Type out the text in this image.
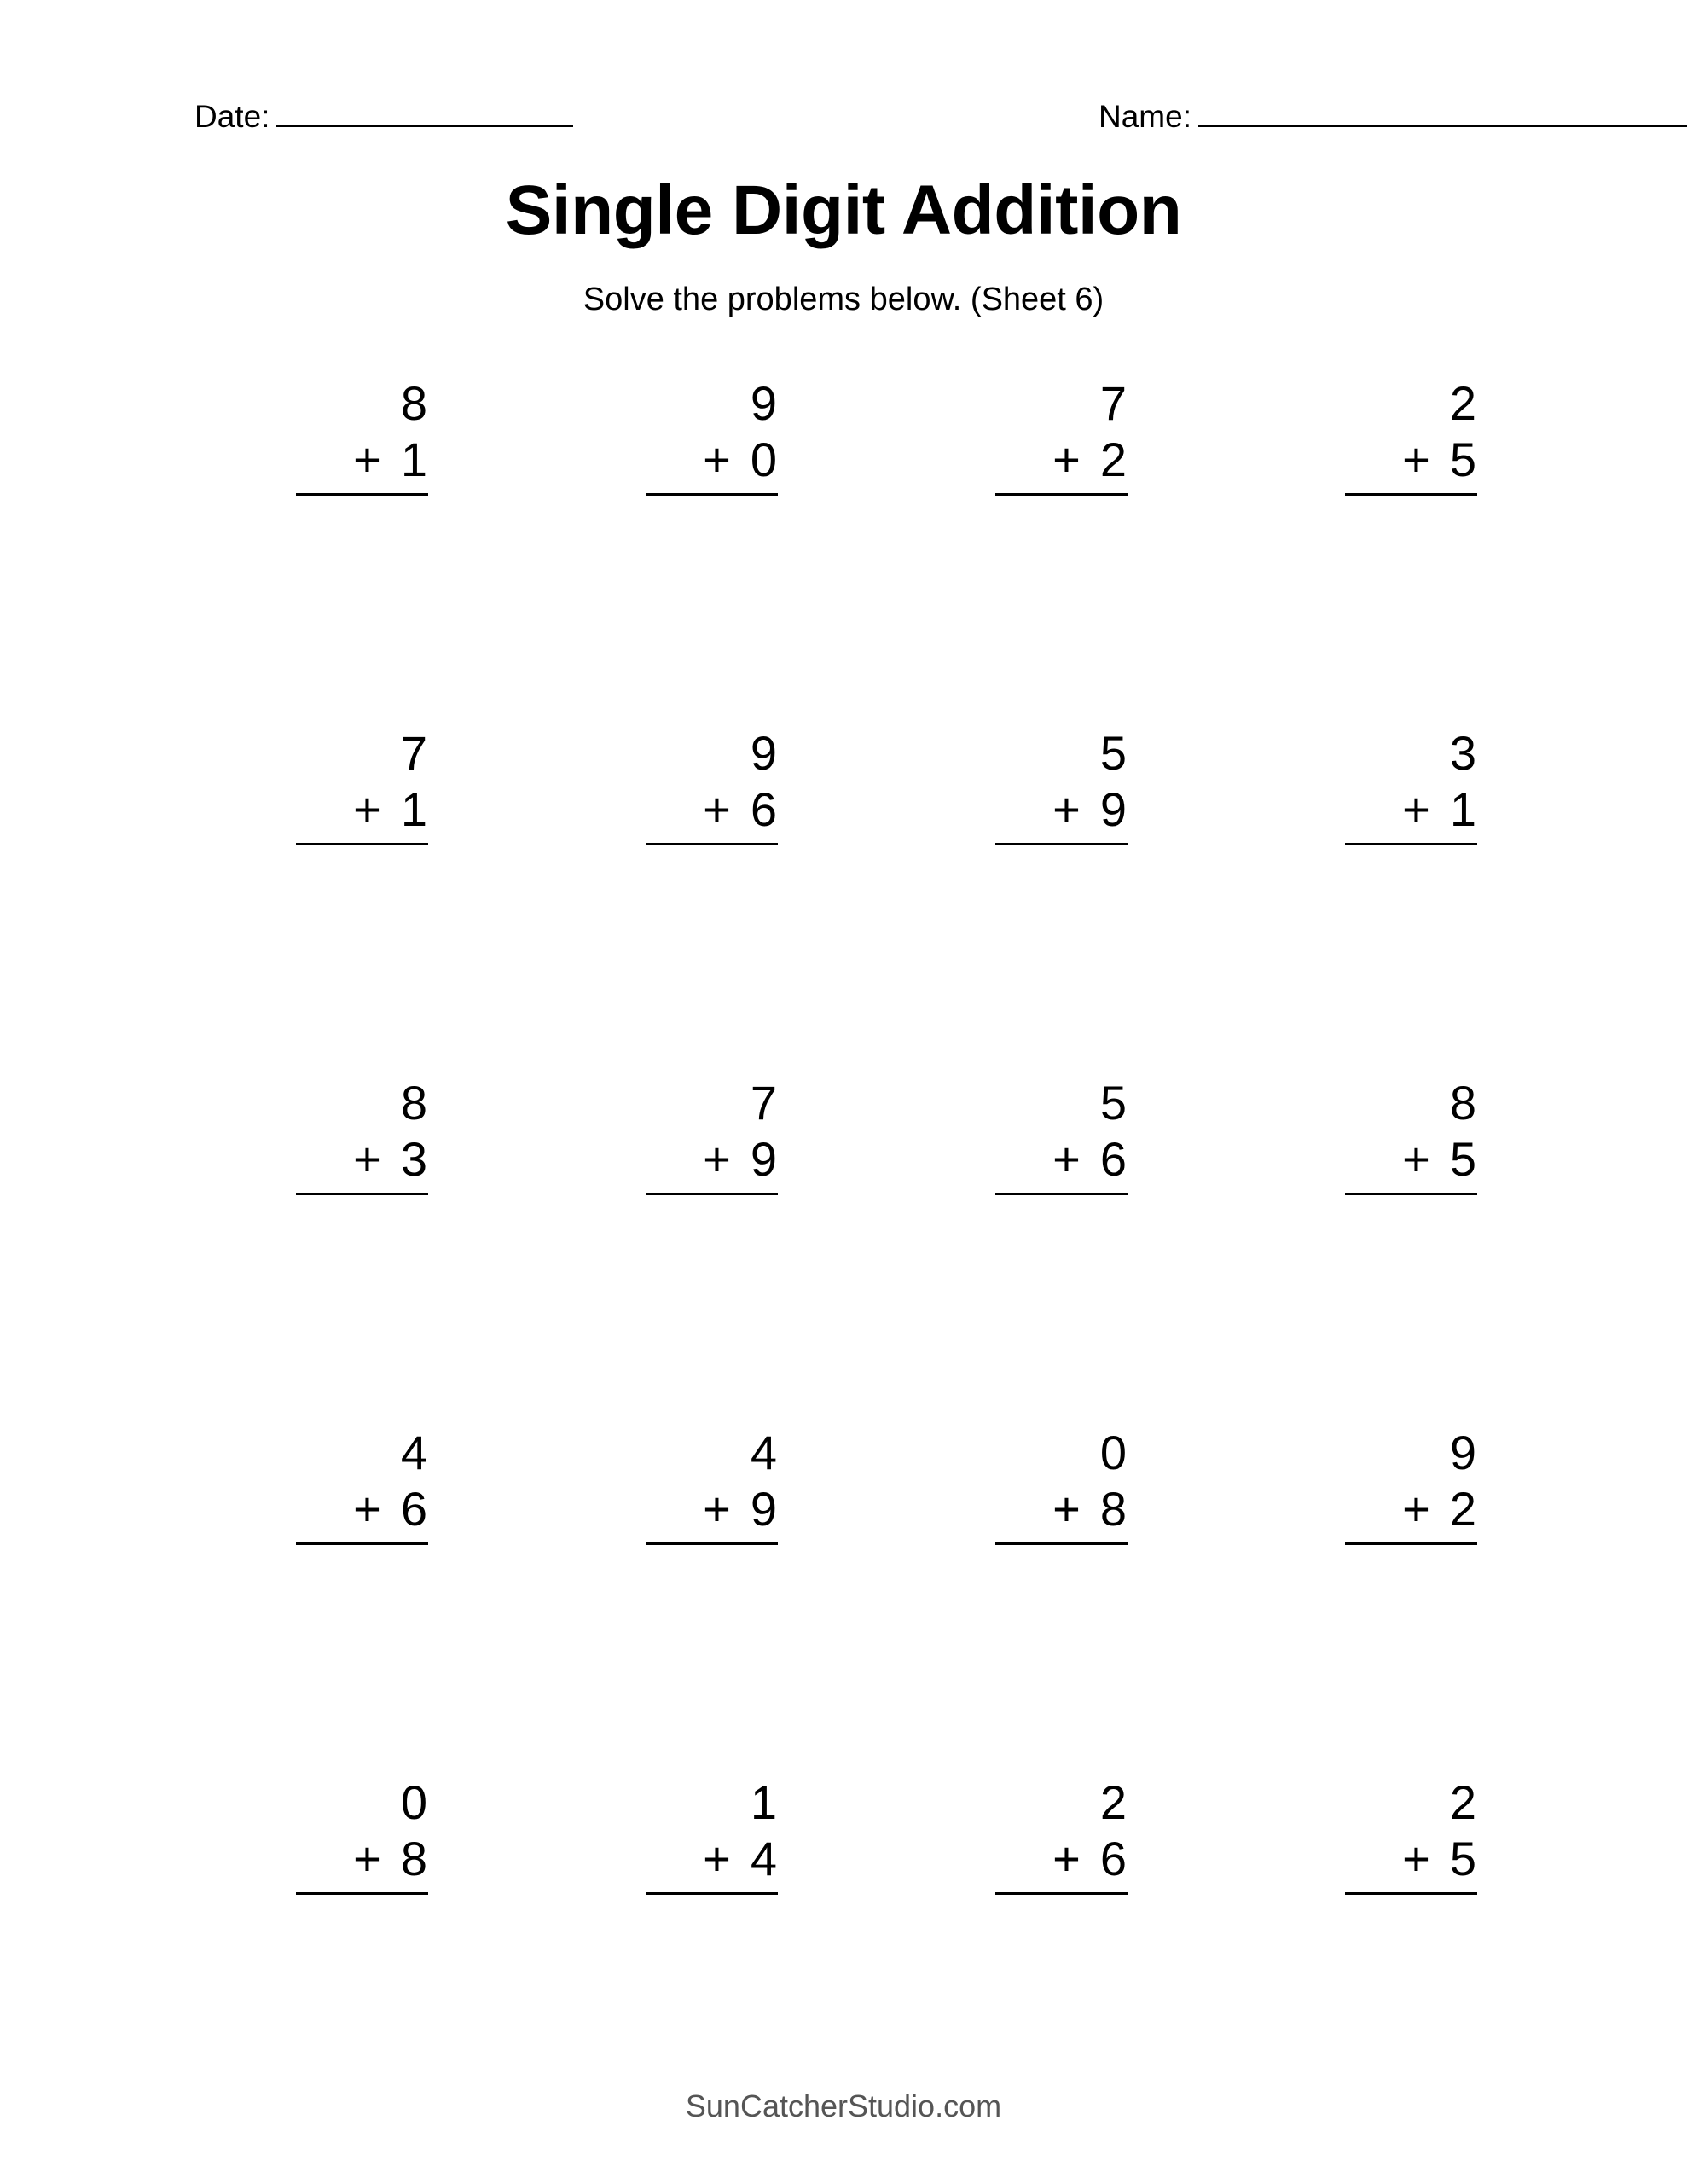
Date:	Name:
Single Digit Addition
Solve the problems below. (Sheet 6)
8
+ 1
9
+ 0
7
+ 2
2
+ 5
7
+ 1
9
+ 6
5
+ 9
3
+ 1
8
+ 3
7
+ 9
5
+ 6
8
+ 5
4
+ 6
4
+ 9
0
+ 8
9
+ 2
0
+ 8
1
+ 4
2
+ 6
2
+ 5
SunCatcherStudio.com
